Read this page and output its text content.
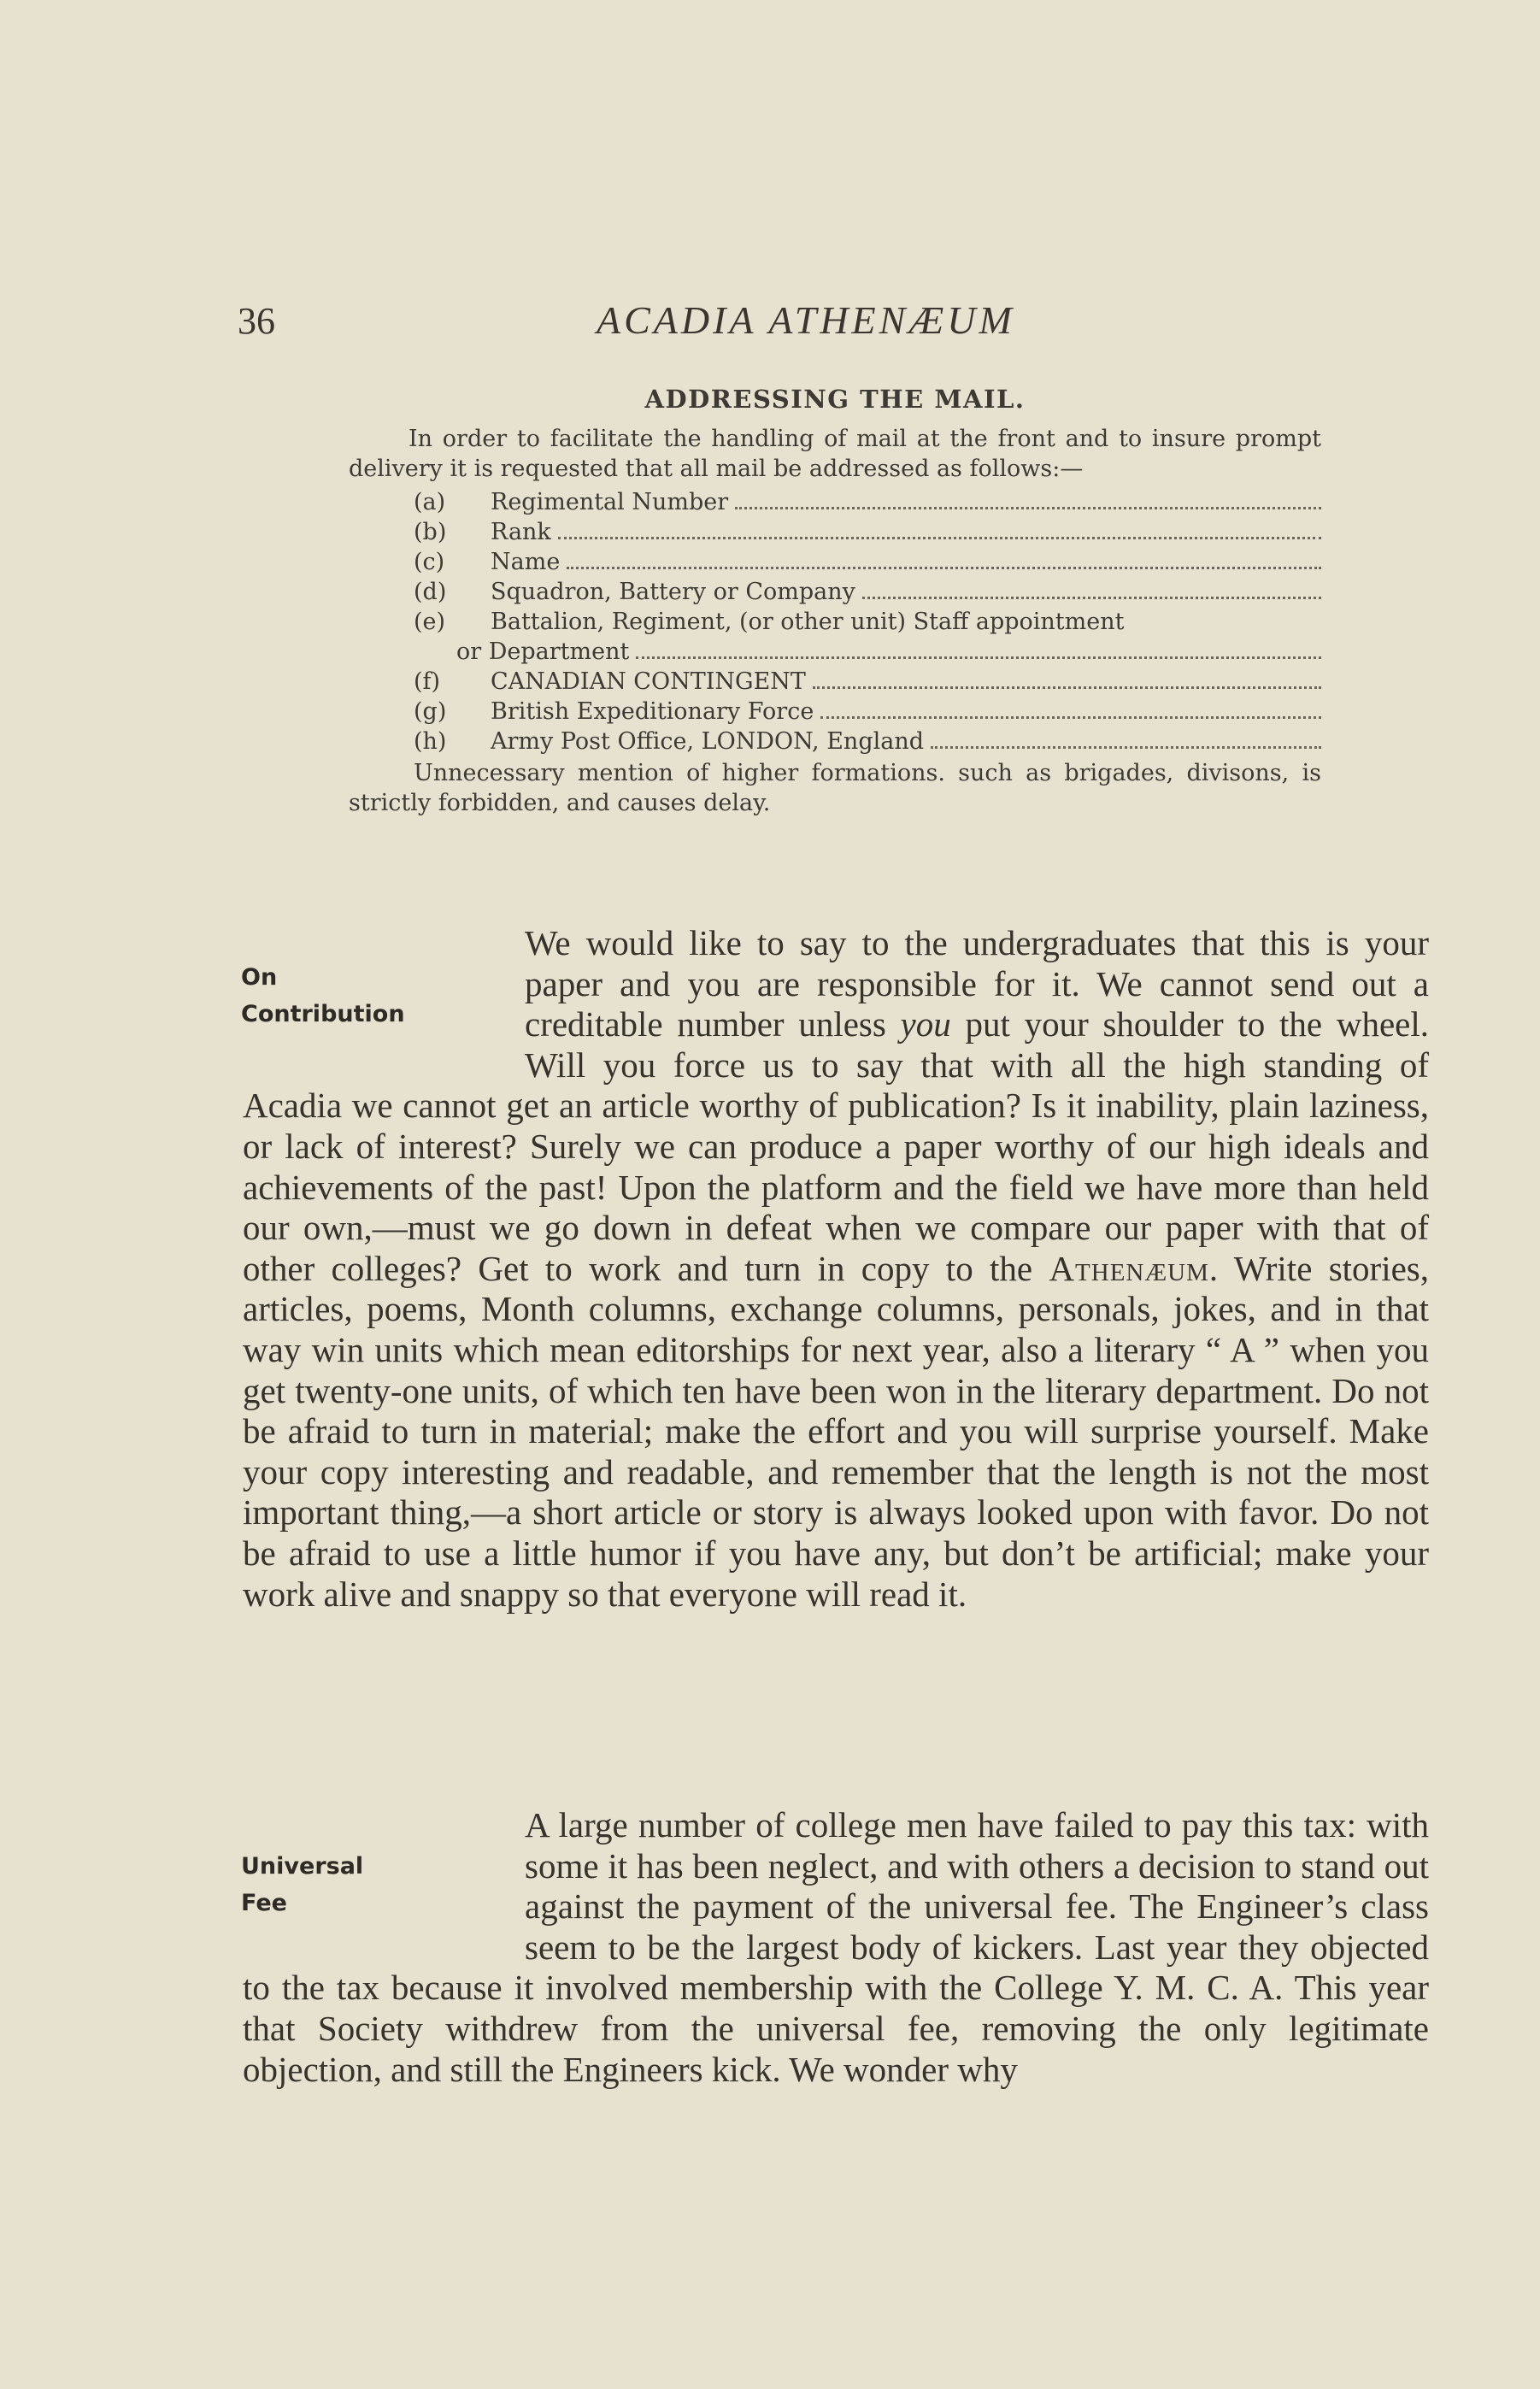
36	ACADIA ATHENÆUM

ADDRESSING THE MAIL.

In order to facilitate the handling of mail at the front and to insure prompt delivery it is requested that all mail be addressed as follows:—

(a)	Regimental Number
(b)	Rank
(c)	Name
(d)	Squadron, Battery or Company
(e)	Battalion, Regiment, (or other unit) Staff appointment
or Department
(f)	CANADIAN CONTINGENT
(g)	British Expeditionary Force
(h)	Army Post Office, LONDON, England

Unnecessary mention of higher formations. such as brigades, divisons, is strictly forbidden, and causes delay.

On
Contribution

We would like to say to the undergraduates that this is your paper and you are responsible for it. We cannot send out a creditable number unless you put your shoulder to the wheel. Will you force us to say that with all the high standing of Acadia we cannot get an article worthy of publication? Is it inability, plain laziness, or lack of interest? Surely we can produce a paper worthy of our high ideals and achievements of the past! Upon the platform and the field we have more than held our own,—must we go down in defeat when we compare our paper with that of other colleges? Get to work and turn in copy to the Athenæum. Write stories, articles, poems, Month columns, exchange columns, personals, jokes, and in that way win units which mean editorships for next year, also a literary “ A ” when you get twenty-one units, of which ten have been won in the literary department. Do not be afraid to turn in material; make the effort and you will surprise yourself. Make your copy interesting and readable, and remember that the length is not the most important thing,—a short article or story is always looked upon with favor. Do not be afraid to use a little humor if you have any, but don’t be artificial; make your work alive and snappy so that everyone will read it.

Universal
Fee

A large number of college men have failed to pay this tax: with some it has been neglect, and with others a decision to stand out against the payment of the universal fee. The Engineer’s class seem to be the largest body of kickers. Last year they objected to the tax because it involved membership with the College Y. M. C. A. This year that Society withdrew from the universal fee, removing the only legitimate objection, and still the Engineers kick. We wonder why
